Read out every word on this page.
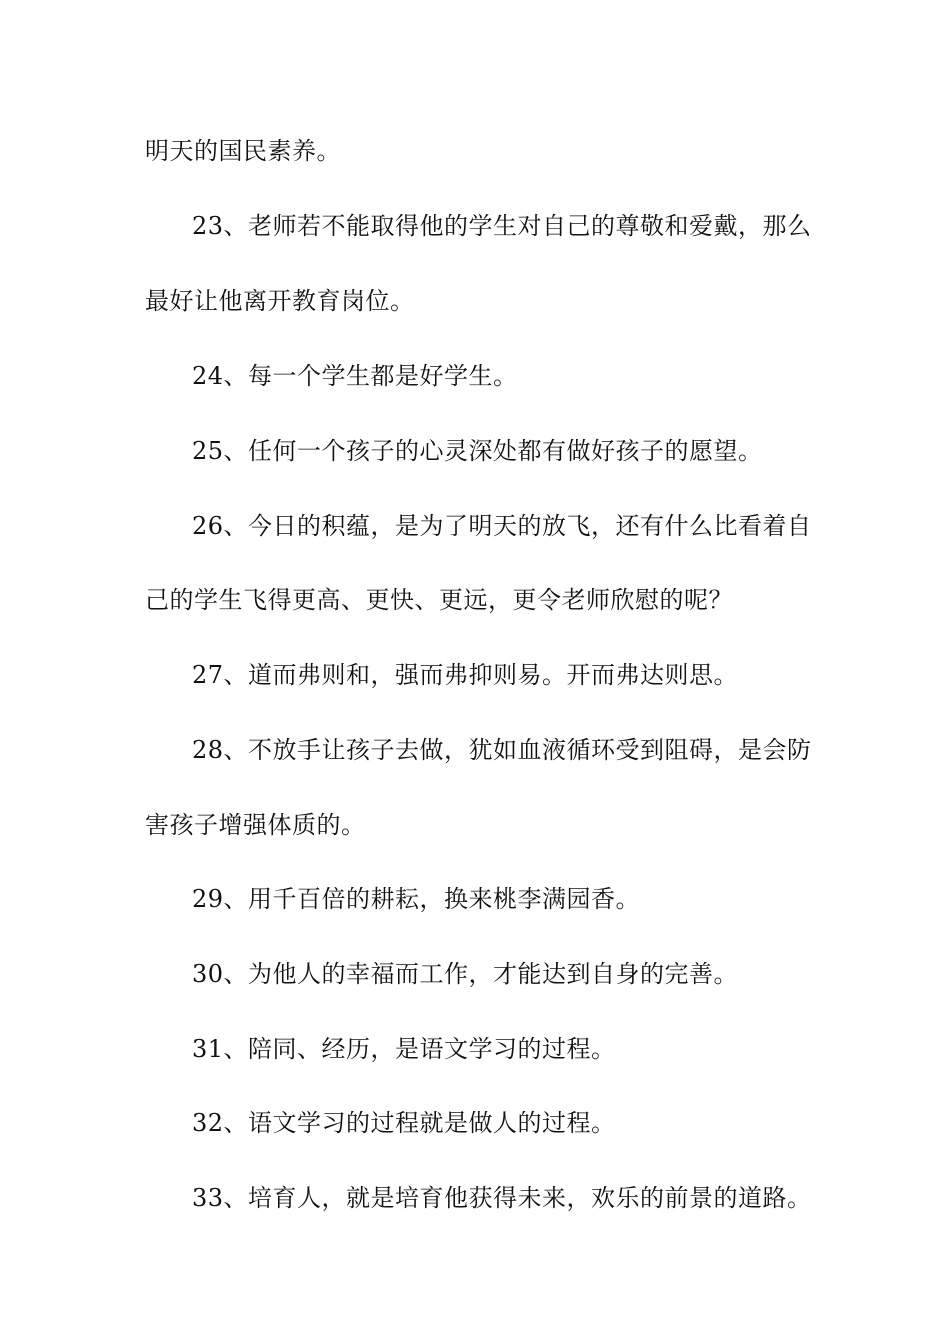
明天的国民素养。
23、老师若不能取得他的学生对自己的尊敬和爱戴，那么
最好让他离开教育岗位。
24、每一个学生都是好学生。
25、任何一个孩子的心灵深处都有做好孩子的愿望。
26、今日的积蕴，是为了明天的放飞，还有什么比看着自
己的学生飞得更高、更快、更远，更令老师欣慰的呢？
27、道而弗则和，强而弗抑则易。开而弗达则思。
28、不放手让孩子去做，犹如血液循环受到阻碍，是会防
害孩子增强体质的。
29、用千百倍的耕耘，换来桃李满园香。
30、为他人的幸福而工作，才能达到自身的完善。
31、陪同、经历，是语文学习的过程。
32、语文学习的过程就是做人的过程。
33、培育人，就是培育他获得未来，欢乐的前景的道路。
